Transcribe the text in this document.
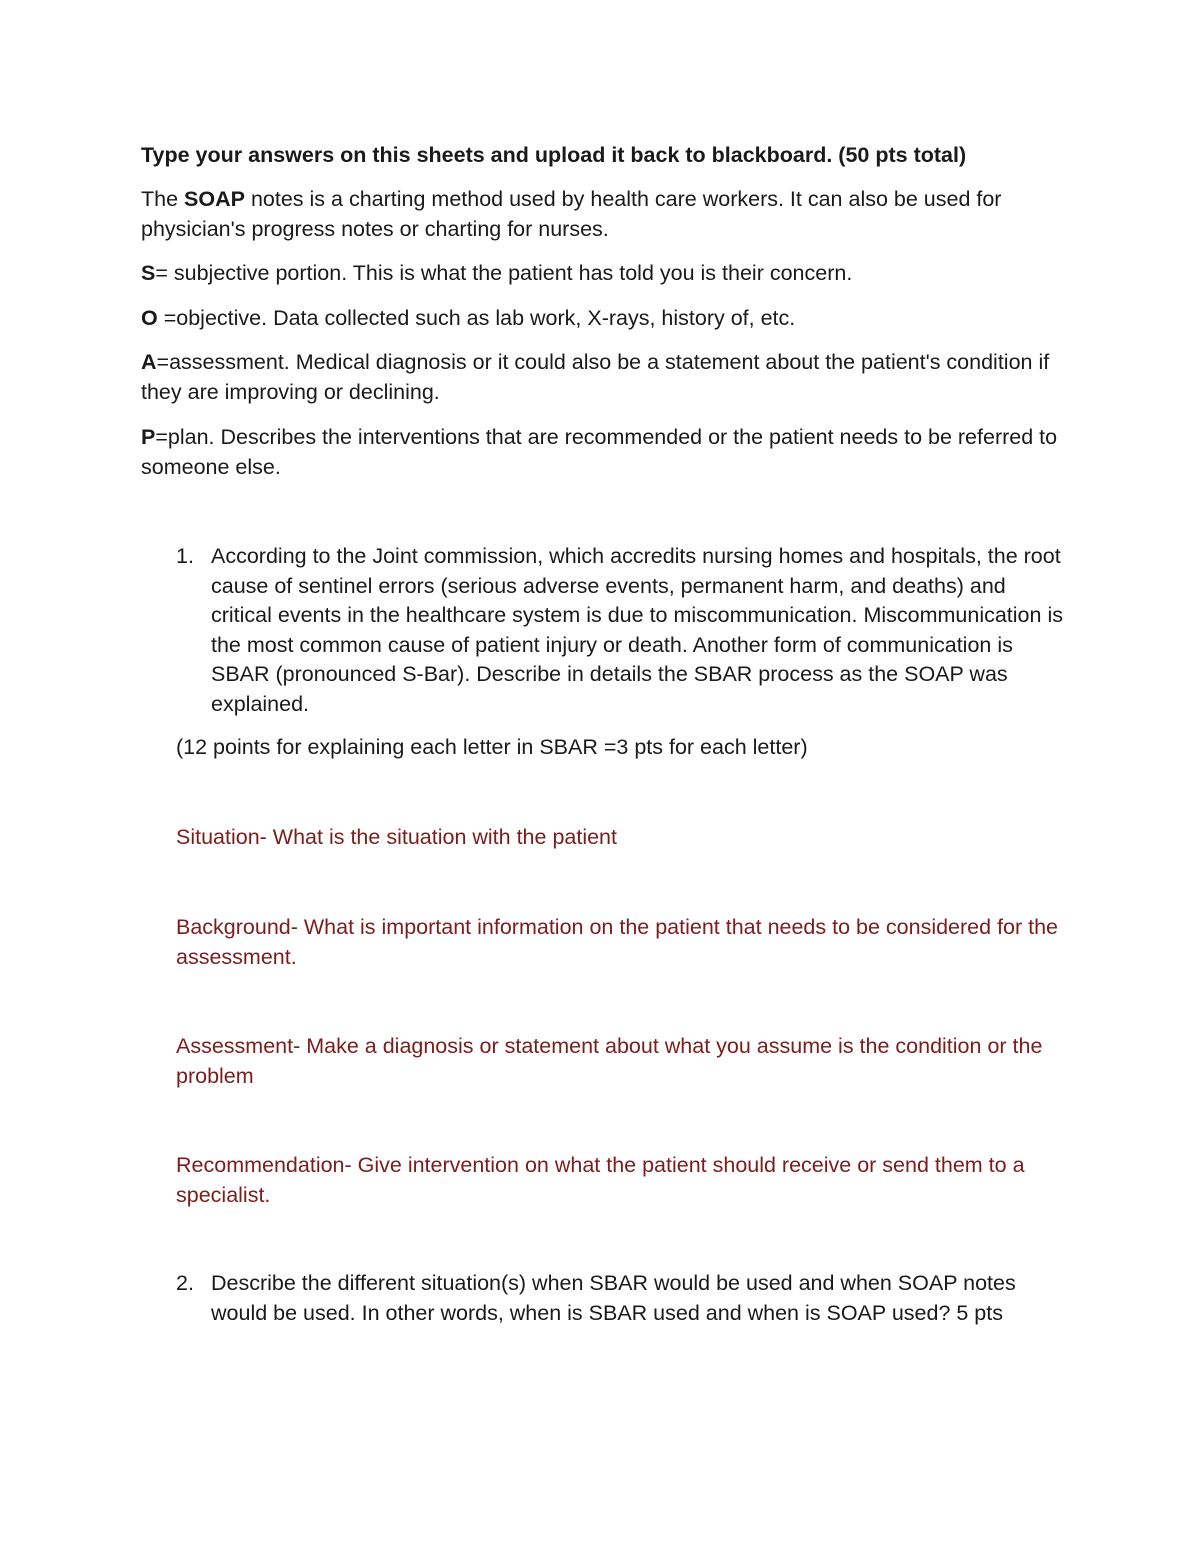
Type your answers on this sheets and upload it back to blackboard. (50 pts total)

The SOAP notes is a charting method used by health care workers. It can also be used for physician's progress notes or charting for nurses.

S= subjective portion. This is what the patient has told you is their concern.

O =objective. Data collected such as lab work, X-rays, history of, etc.

A=assessment. Medical diagnosis or it could also be a statement about the patient's condition if they are improving or declining.

P=plan. Describes the interventions that are recommended or the patient needs to be referred to someone else.

1. According to the Joint commission, which accredits nursing homes and hospitals, the root cause of sentinel errors (serious adverse events, permanent harm, and deaths) and critical events in the healthcare system is due to miscommunication. Miscommunication is the most common cause of patient injury or death. Another form of communication is SBAR (pronounced S-Bar). Describe in details the SBAR process as the SOAP was explained.

(12 points for explaining each letter in SBAR =3 pts for each letter)

Situation- What is the situation with the patient

Background- What is important information on the patient that needs to be considered for the assessment.

Assessment- Make a diagnosis or statement about what you assume is the condition or the problem

Recommendation- Give intervention on what the patient should receive or send them to a specialist.

2. Describe the different situation(s) when SBAR would be used and when SOAP notes would be used. In other words, when is SBAR used and when is SOAP used? 5 pts
